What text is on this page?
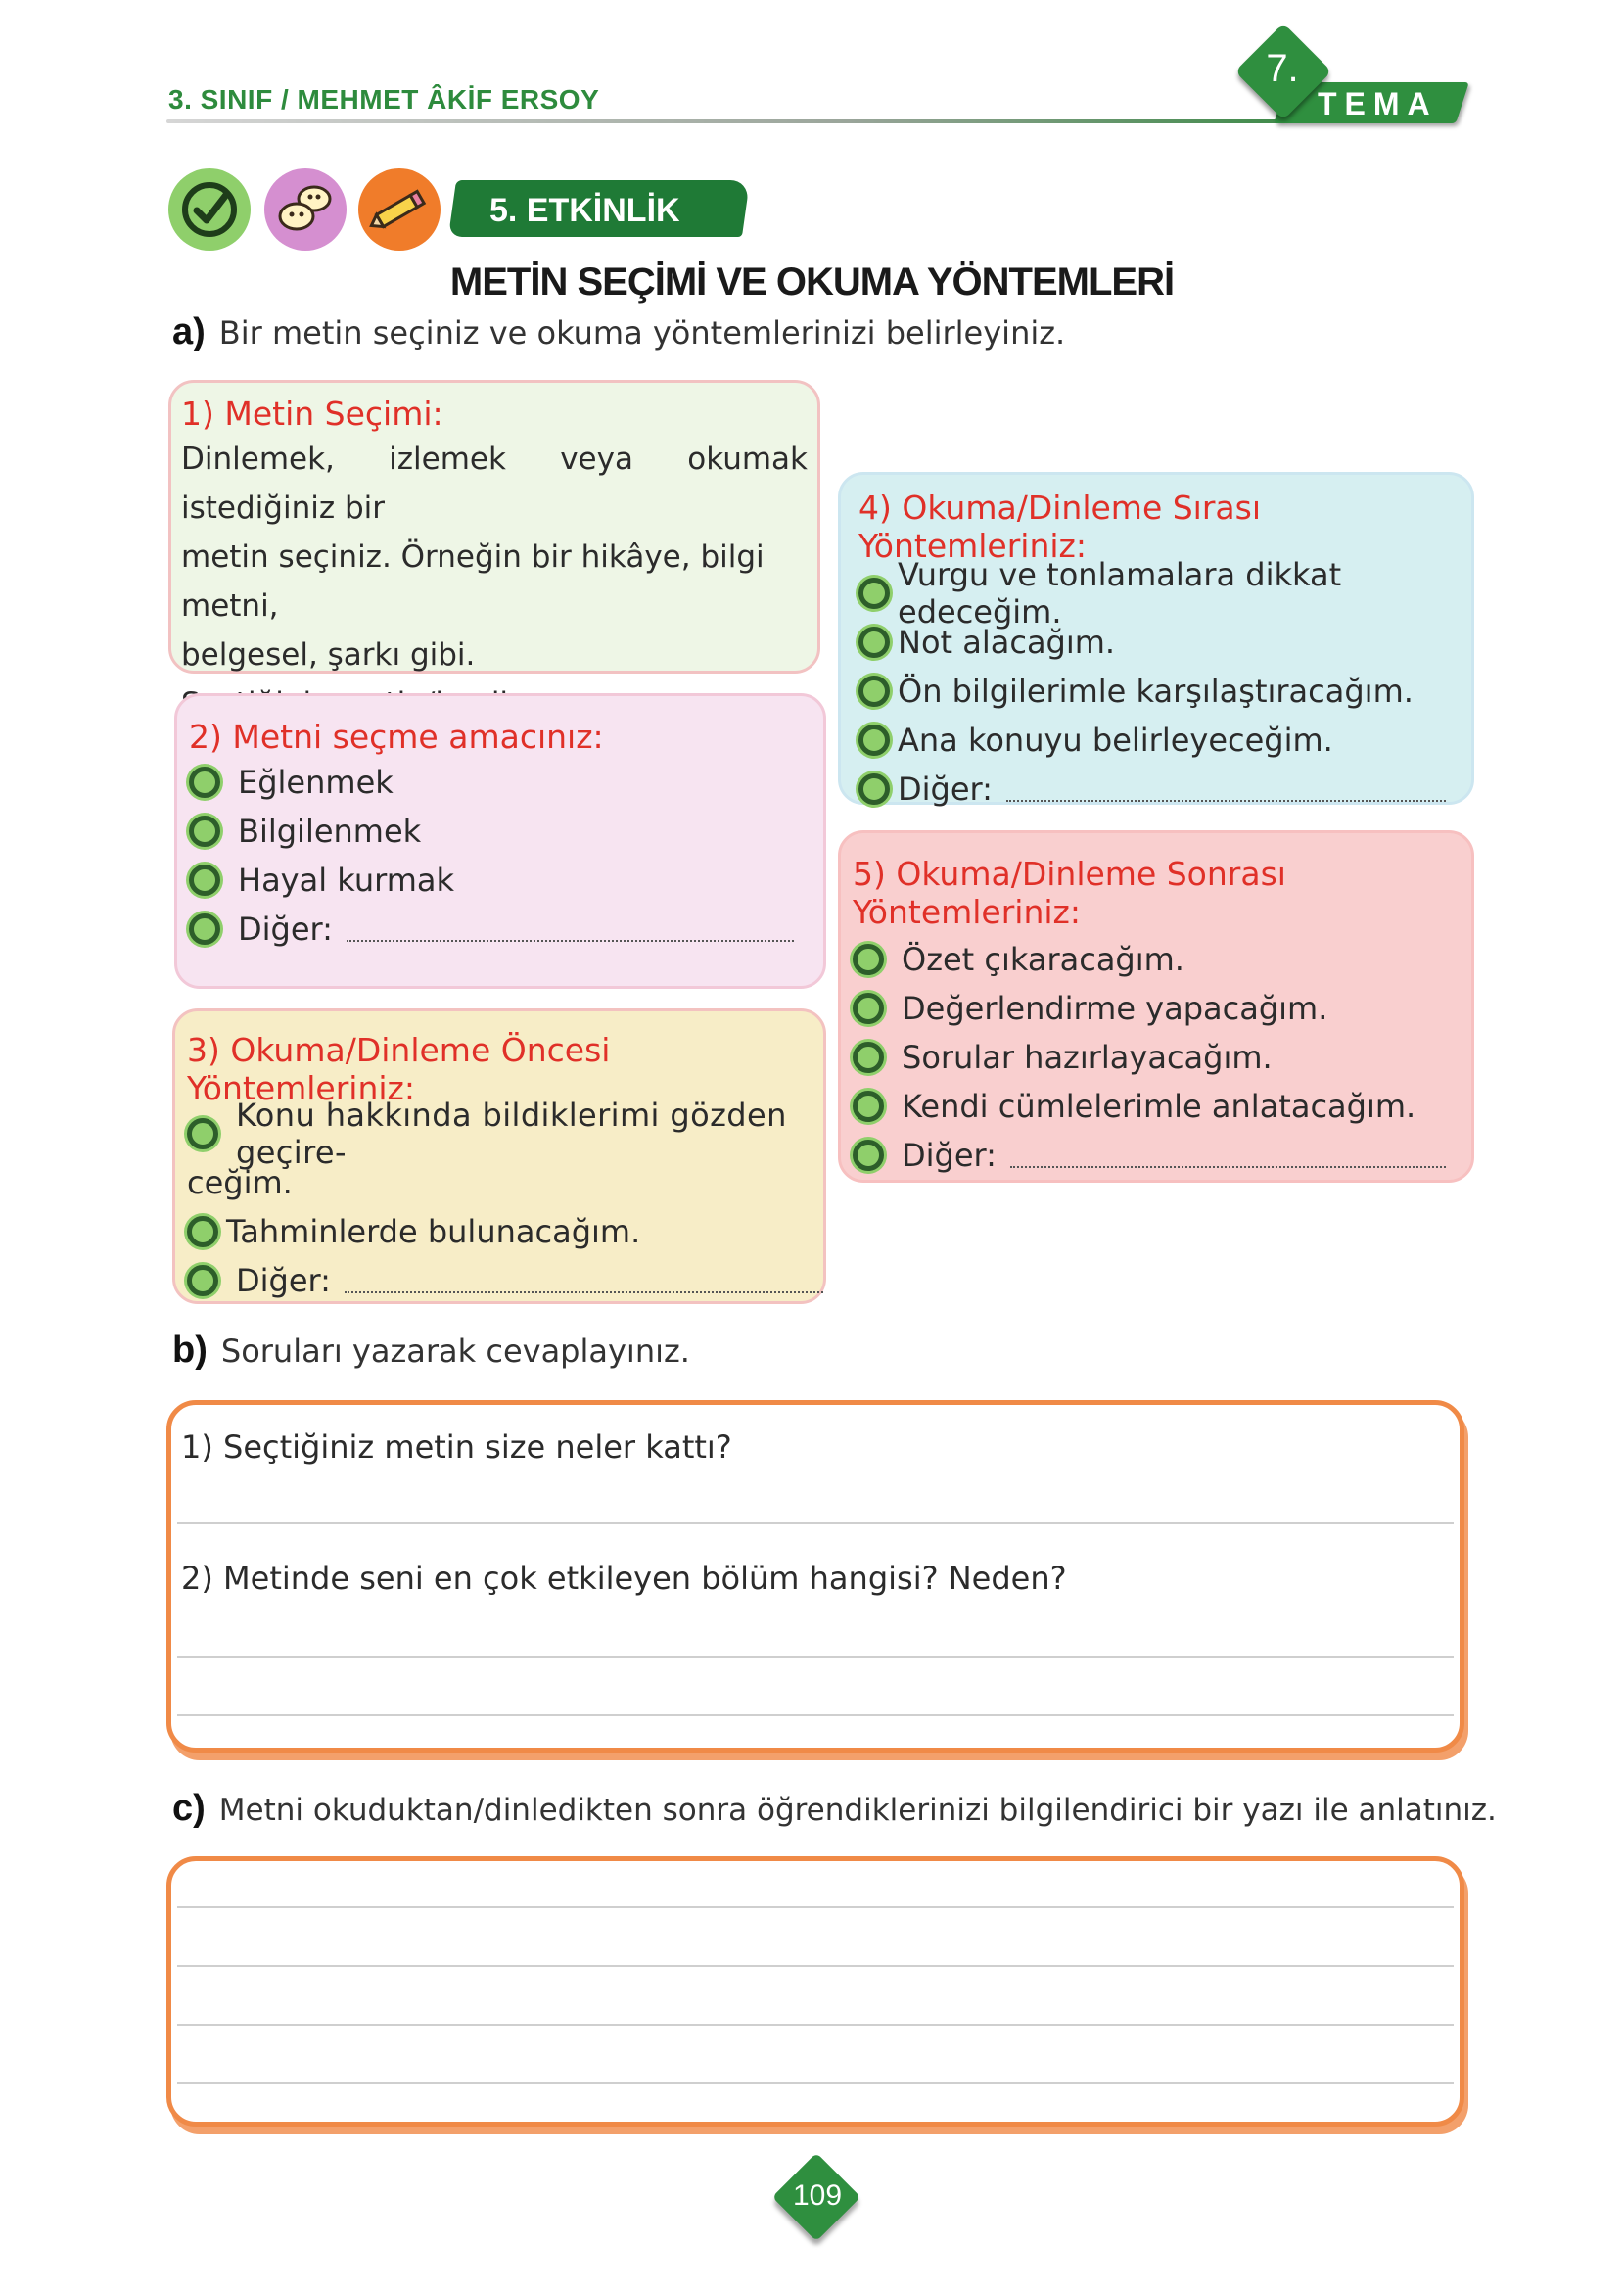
3. SINIF / MEHMET ÂKİF ERSOY	TEMA
7.
5. ETKİNLİK
METİN SEÇİMİ VE OKUMA YÖNTEMLERİ
a) Bir metin seçiniz ve okuma yöntemlerinizi belirleyiniz.
1) Metin Seçimi:
Dinlemek, izlemek veya okumak istediğiniz bir
metin seçiniz. Örneğin bir hikâye, bilgi metni,
belgesel, şarkı gibi.
2) Metni seçme amacınız:
Eğlenmek
Bilgilenmek
Hayal kurmak
Diğer:
3) Okuma/Dinleme Öncesi Yöntemleriniz:
Konu hakkında bildiklerimi gözden geçire-
ceğim.
Tahminlerde bulunacağım.
Diğer:
4) Okuma/Dinleme Sırası Yöntemleriniz:
Vurgu ve tonlamalara dikkat edeceğim.
Not alacağım.
Ön bilgilerimle karşılaştıracağım.
Ana konuyu belirleyeceğim.
Diğer:
5) Okuma/Dinleme Sonrası Yöntemleriniz:
Özet çıkaracağım.
Değerlendirme yapacağım.
Sorular hazırlayacağım.
Kendi cümlelerimle anlatacağım.
Diğer:
b) Soruları yazarak cevaplayınız.
1) Seçtiğiniz metin size neler kattı?
2) Metinde seni en çok etkileyen bölüm hangisi? Neden?
c) Metni okuduktan/dinledikten sonra öğrendiklerinizi bilgilendirici bir yazı ile anlatınız.
109
